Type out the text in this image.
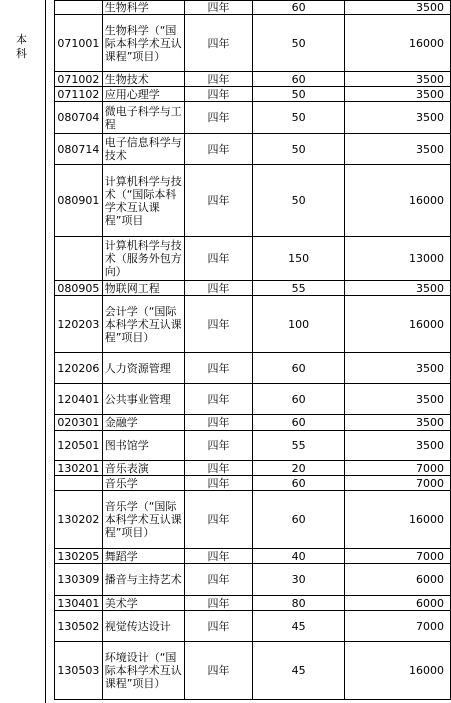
本科

	生物科学	四年	60	3500
071001	生物科学（“国际本科学术互认课程”项目）	四年	50	16000
071002	生物技术	四年	60	3500
071102	应用心理学	四年	50	3500
080704	微电子科学与工程	四年	50	3500
080714	电子信息科学与技术	四年	50	3500
080901	计算机科学与技术（“国际本科学术互认课程”项目	四年	50	16000

	计算机科学与技术（服务外包方向）	四年	150	13000
080905	物联网工程	四年	55	3500
120203	会计学（“国际本科学术互认课程”项目）	四年	100	16000
120206	人力资源管理	四年	60	3500
120401	公共事业管理	四年	60	3500
020301	金融学	四年	60	3500
120501	图书馆学	四年	55	3500
130201	音乐表演	四年	20	7000

	音乐学	四年	60	7000
130202	音乐学（“国际本科学术互认课程”项目）	四年	60	16000
130205	舞蹈学	四年	40	7000
130309	播音与主持艺术	四年	30	6000
130401	美术学	四年	80	6000
130502	视觉传达设计	四年	45	7000
130503	环境设计（“国际本科学术互认课程”项目）	四年	45	16000
